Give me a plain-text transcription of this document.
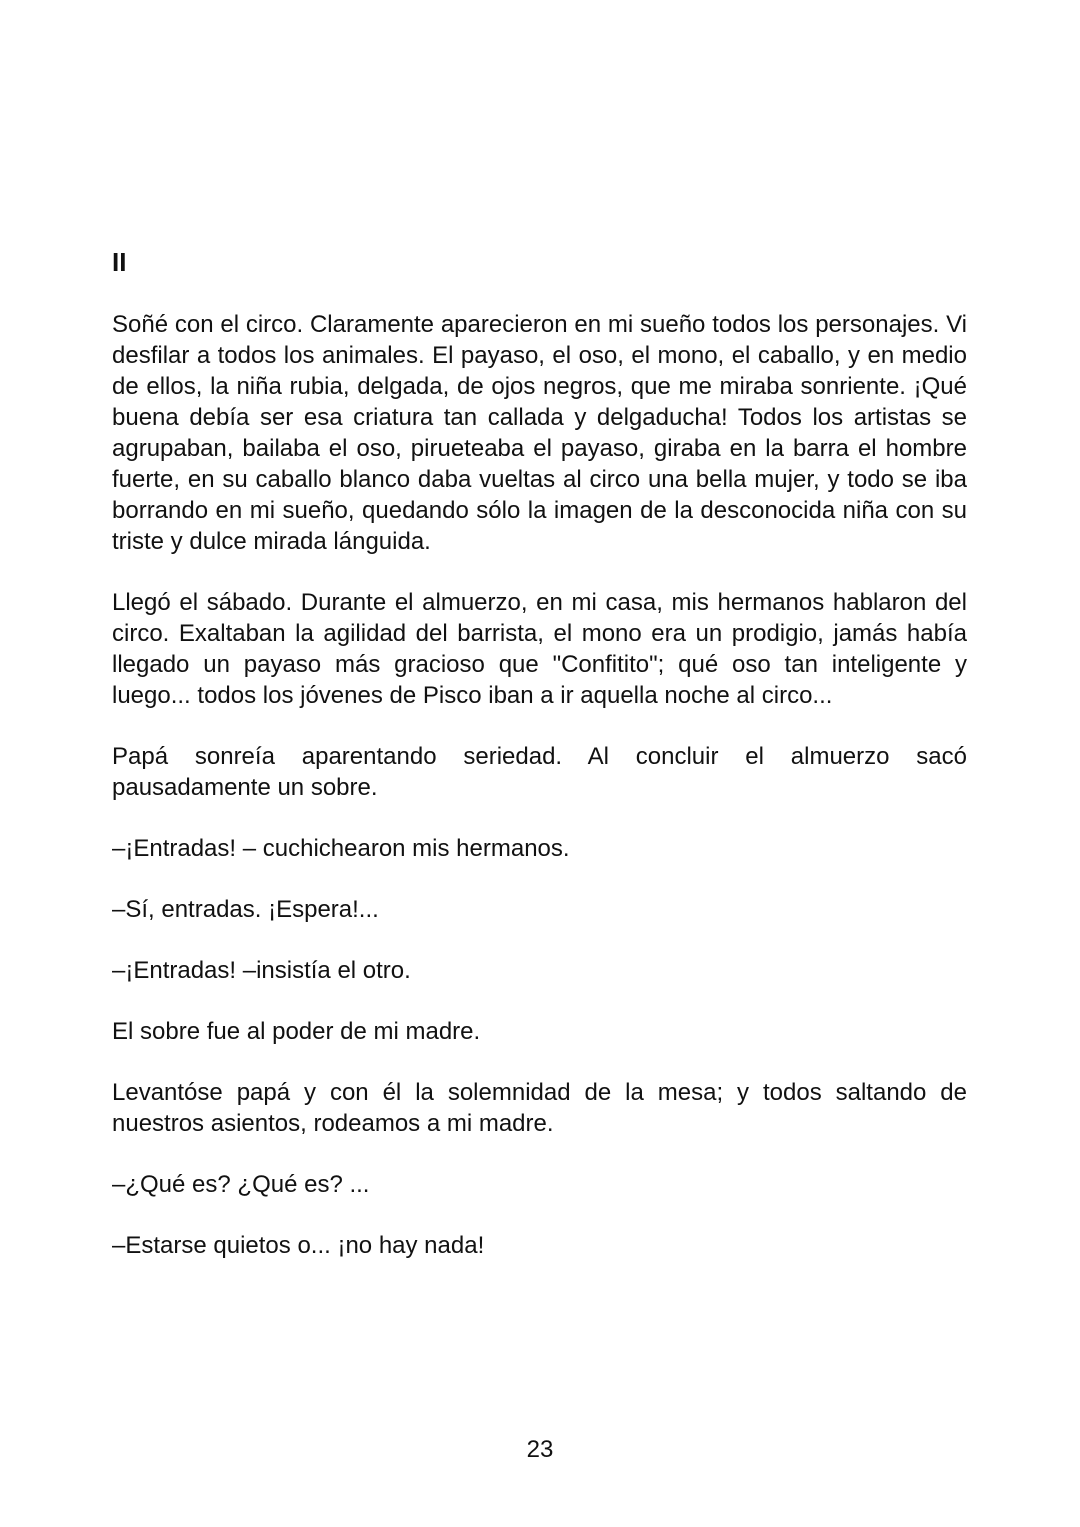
II

Soñé con el circo. Claramente aparecieron en mi sueño todos los personajes. Vi desfilar a todos los animales. El payaso, el oso, el mono, el caballo, y en medio de ellos, la niña rubia, delgada, de ojos negros, que me miraba sonriente. ¡Qué buena debía ser esa criatura tan callada y delgaducha! Todos los artistas se agrupaban, bailaba el oso, pirueteaba el payaso, giraba en la barra el hombre fuerte, en su caballo blanco daba vueltas al circo una bella mujer, y todo se iba borrando en mi sueño, quedando sólo la imagen de la desconocida niña con su triste y dulce mirada lánguida.

Llegó el sábado. Durante el almuerzo, en mi casa, mis hermanos hablaron del circo. Exaltaban la agilidad del barrista, el mono era un prodigio, jamás había llegado un payaso más gracioso que "Confitito"; qué oso tan inteligente y luego... todos los jóvenes de Pisco iban a ir aquella noche al circo...

Papá sonreía aparentando seriedad. Al concluir el almuerzo sacó pausadamente un sobre.

–¡Entradas! – cuchichearon mis hermanos.

–Sí, entradas. ¡Espera!...

–¡Entradas! –insistía el otro.

El sobre fue al poder de mi madre.

Levantóse papá y con él la solemnidad de la mesa; y todos saltando de nuestros asientos, rodeamos a mi madre.

–¿Qué es? ¿Qué es? ...

–Estarse quietos o... ¡no hay nada!

23
